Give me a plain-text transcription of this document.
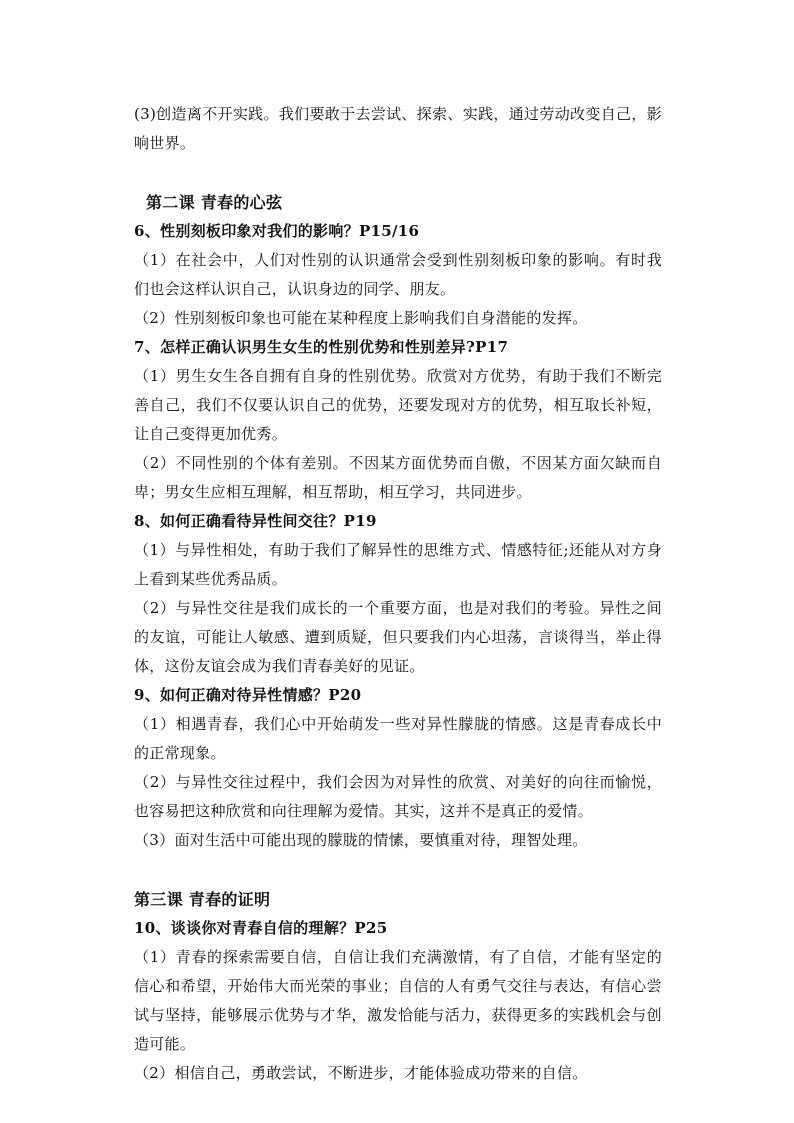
(3)创造离不开实践。我们要敢于去尝试、探索、实践，通过劳动改变自己，影响世界。

第二课 青春的心弦

6、性别刻板印象对我们的影响？P15/16

（1）在社会中，人们对性别的认识通常会受到性别刻板印象的影响。有时我们也会这样认识自己，认识身边的同学、朋友。

（2）性别刻板印象也可能在某种程度上影响我们自身潜能的发挥。

7、怎样正确认识男生女生的性别优势和性别差异?P17

（1）男生女生各自拥有自身的性别优势。欣赏对方优势，有助于我们不断完善自己，我们不仅要认识自己的优势，还要发现对方的优势，相互取长补短，让自己变得更加优秀。

（2）不同性别的个体有差别。不因某方面优势而自傲，不因某方面欠缺而自卑；男女生应相互理解，相互帮助，相互学习，共同进步。

8、如何正确看待异性间交往？P19

（1）与异性相处，有助于我们了解异性的思维方式、情感特征;还能从对方身上看到某些优秀品质。

（2）与异性交往是我们成长的一个重要方面，也是对我们的考验。异性之间的友谊，可能让人敏感、遭到质疑，但只要我们内心坦荡，言谈得当，举止得体，这份友谊会成为我们青春美好的见证。

9、如何正确对待异性情感？P20

（1）相遇青春，我们心中开始萌发一些对异性朦胧的情感。这是青春成长中的正常现象。

（2）与异性交往过程中，我们会因为对异性的欣赏、对美好的向往而愉悦，也容易把这种欣赏和向往理解为爱情。其实，这并不是真正的爱情。

（3）面对生活中可能出现的朦胧的情愫，要慎重对待，理智处理。

第三课 青春的证明

10、谈谈你对青春自信的理解？P25

（1）青春的探索需要自信，自信让我们充满激情，有了自信，才能有坚定的信心和希望，开始伟大而光荣的事业；自信的人有勇气交往与表达，有信心尝试与坚持，能够展示优势与才华，激发恰能与活力，获得更多的实践机会与创造可能。

（2）相信自己，勇敢尝试，不断进步，才能体验成功带来的自信。
